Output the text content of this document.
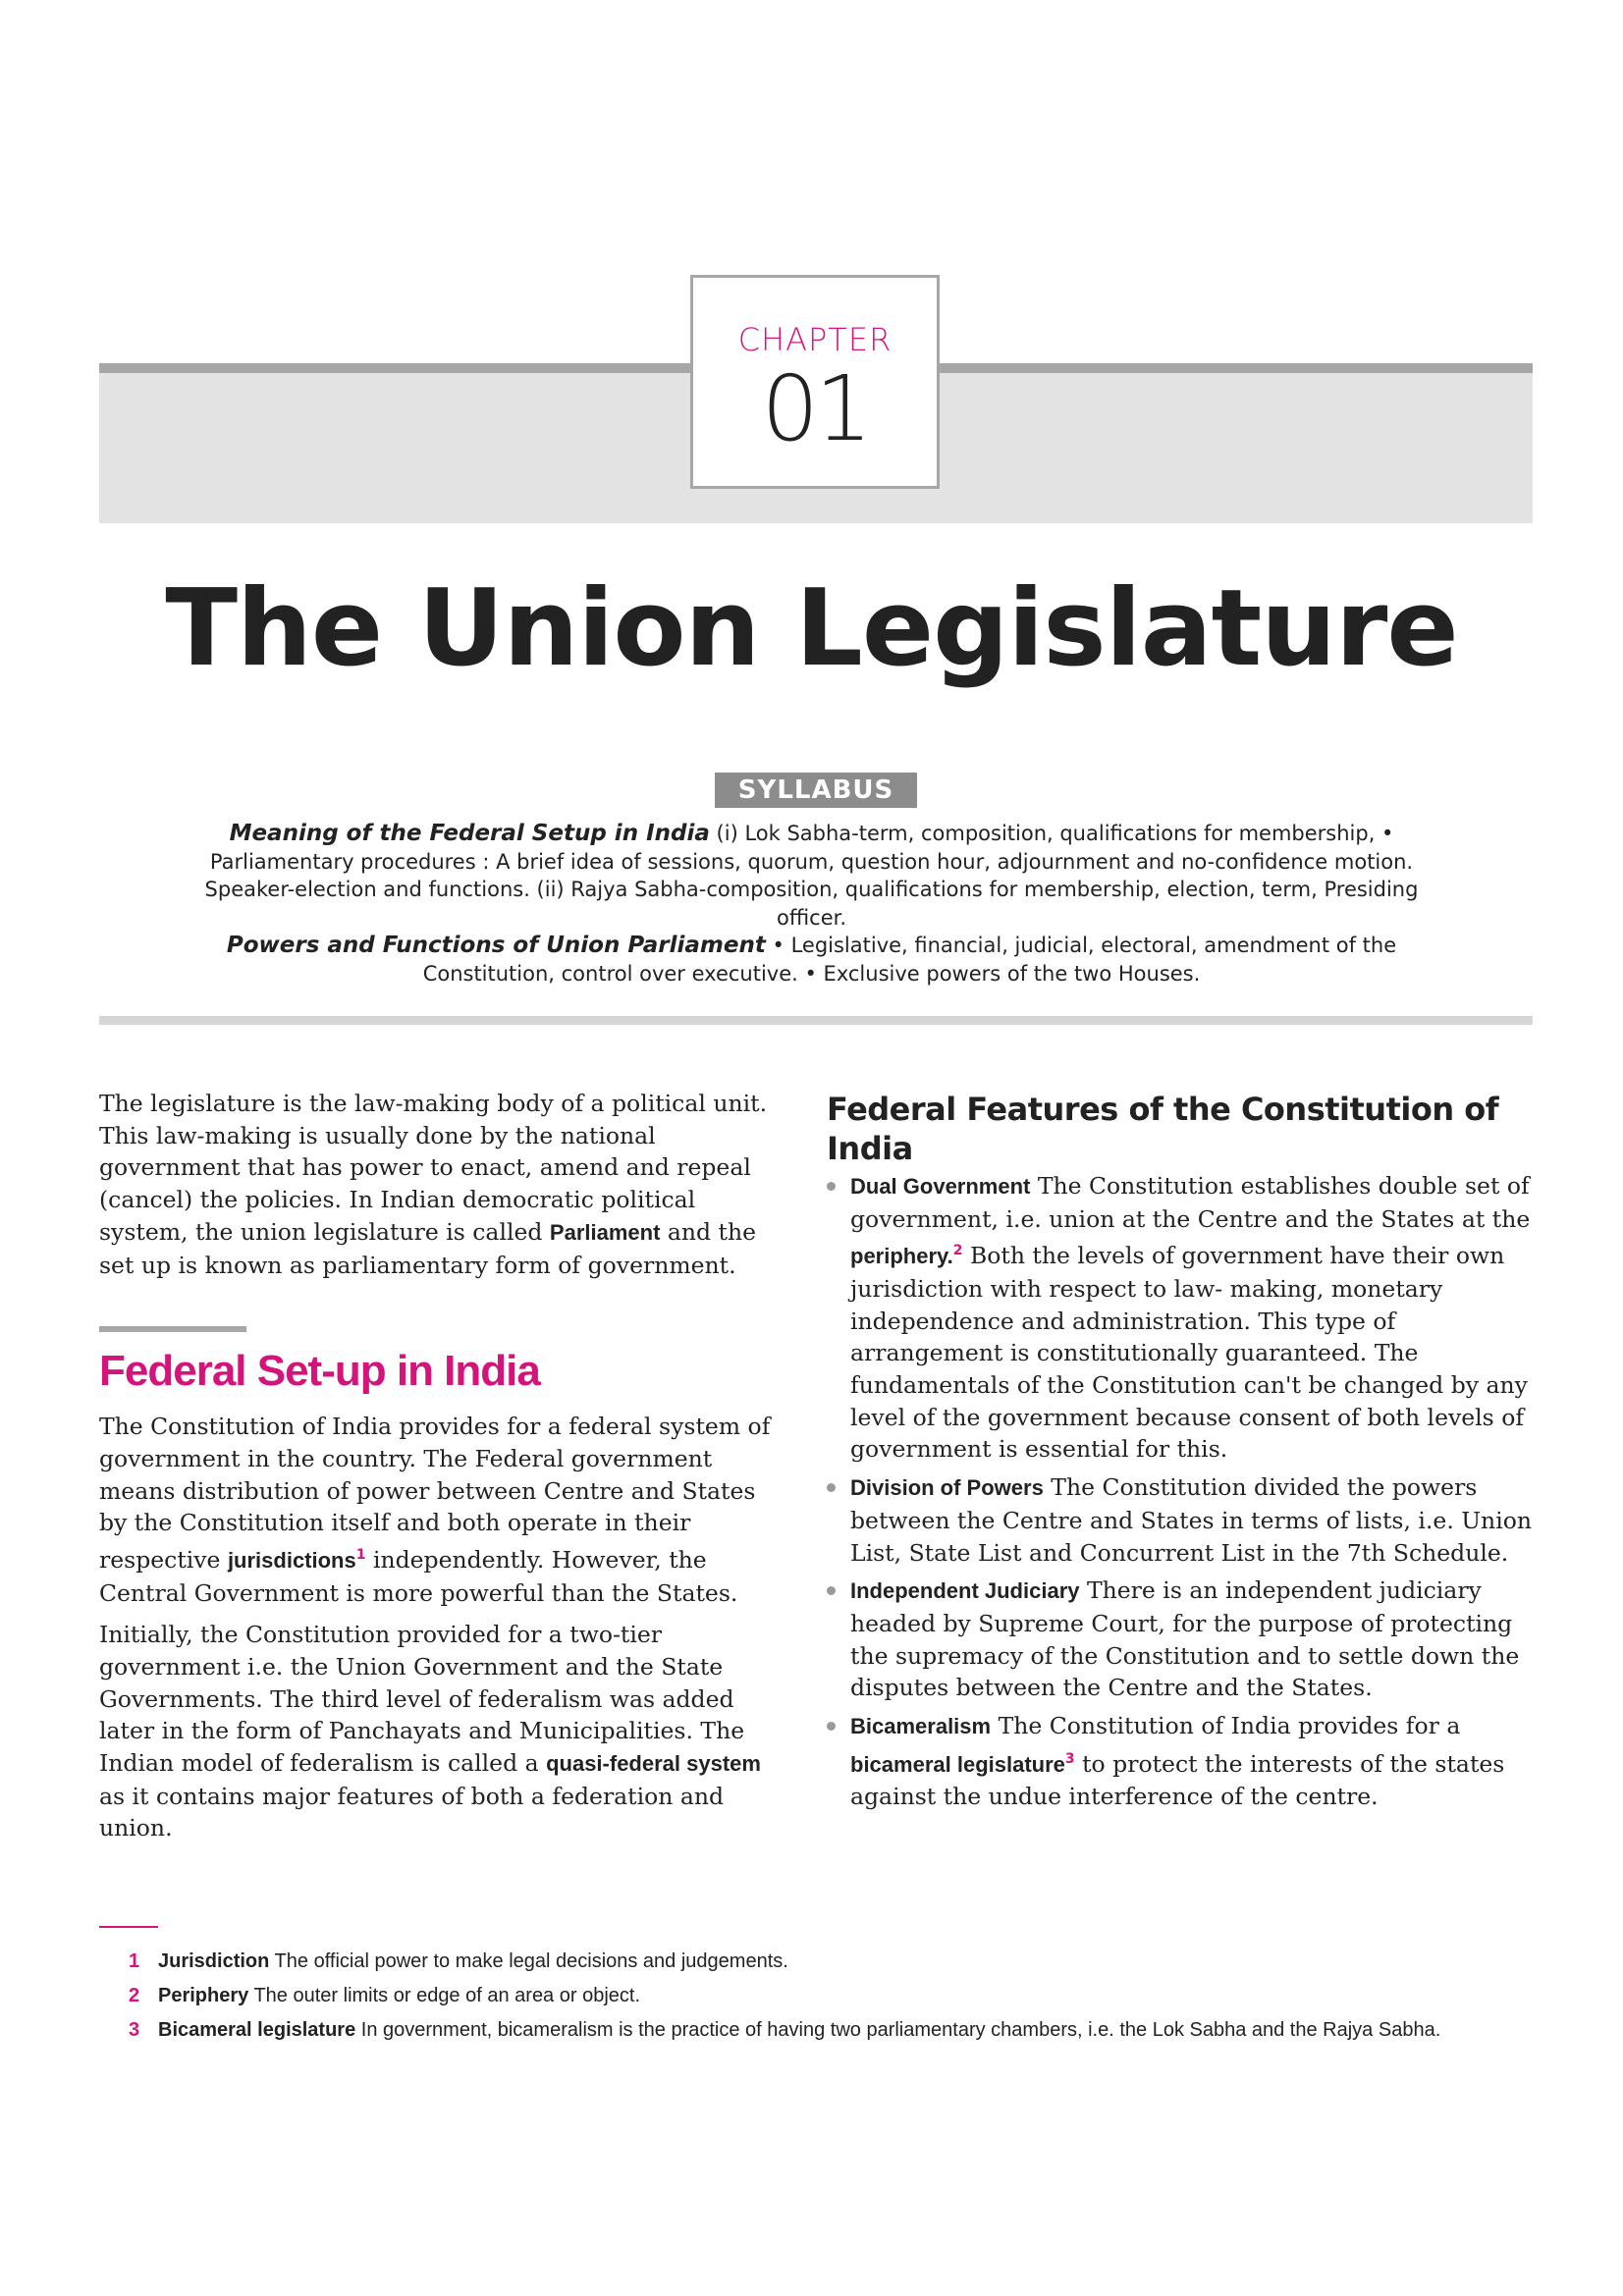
CHAPTER
01
The Union Legislature
SYLLABUS
Meaning of the Federal Setup in India (i) Lok Sabha-term, composition, qualifications for membership, • Parliamentary procedures : A brief idea of sessions, quorum, question hour, adjournment and no-confidence motion. Speaker-election and functions. (ii) Rajya Sabha-composition, qualifications for membership, election, term, Presiding officer.
Powers and Functions of Union Parliament • Legislative, financial, judicial, electoral, amendment of the Constitution, control over executive. • Exclusive powers of the two Houses.

The legislature is the law-making body of a political unit. This law-making is usually done by the national government that has power to enact, amend and repeal (cancel) the policies. In Indian democratic political system, the union legislature is called Parliament and the set up is known as parliamentary form of government.

Federal Set-up in India

The Constitution of India provides for a federal system of government in the country. The Federal government means distribution of power between Centre and States by the Constitution itself and both operate in their respective jurisdictions$^1$ independently. However, the Central Government is more powerful than the States.

Initially, the Constitution provided for a two-tier government i.e. the Union Government and the State Governments. The third level of federalism was added later in the form of Panchayats and Municipalities. The Indian model of federalism is called a quasi-federal system as it contains major features of both a federation and union.

Federal Features of the Constitution of India
Dual Government The Constitution establishes double set of government, i.e. union at the Centre and the States at the periphery.$^2$ Both the levels of government have their own jurisdiction with respect to law- making, monetary independence and administration. This type of arrangement is constitutionally guaranteed. The fundamentals of the Constitution can't be changed by any level of the government because consent of both levels of government is essential for this.
Division of Powers The Constitution divided the powers between the Centre and States in terms of lists, i.e. Union List, State List and Concurrent List in the 7th Schedule.
Independent Judiciary There is an independent judiciary headed by Supreme Court, for the purpose of protecting the supremacy of the Constitution and to settle down the disputes between the Centre and the States.
Bicameralism The Constitution of India provides for a bicameral legislature$^3$ to protect the interests of the states against the undue interference of the centre.
1 Jurisdiction The official power to make legal decisions and judgements.
2 Periphery The outer limits or edge of an area or object.
3 Bicameral legislature In government, bicameralism is the practice of having two parliamentary chambers, i.e. the Lok Sabha and the Rajya Sabha.
